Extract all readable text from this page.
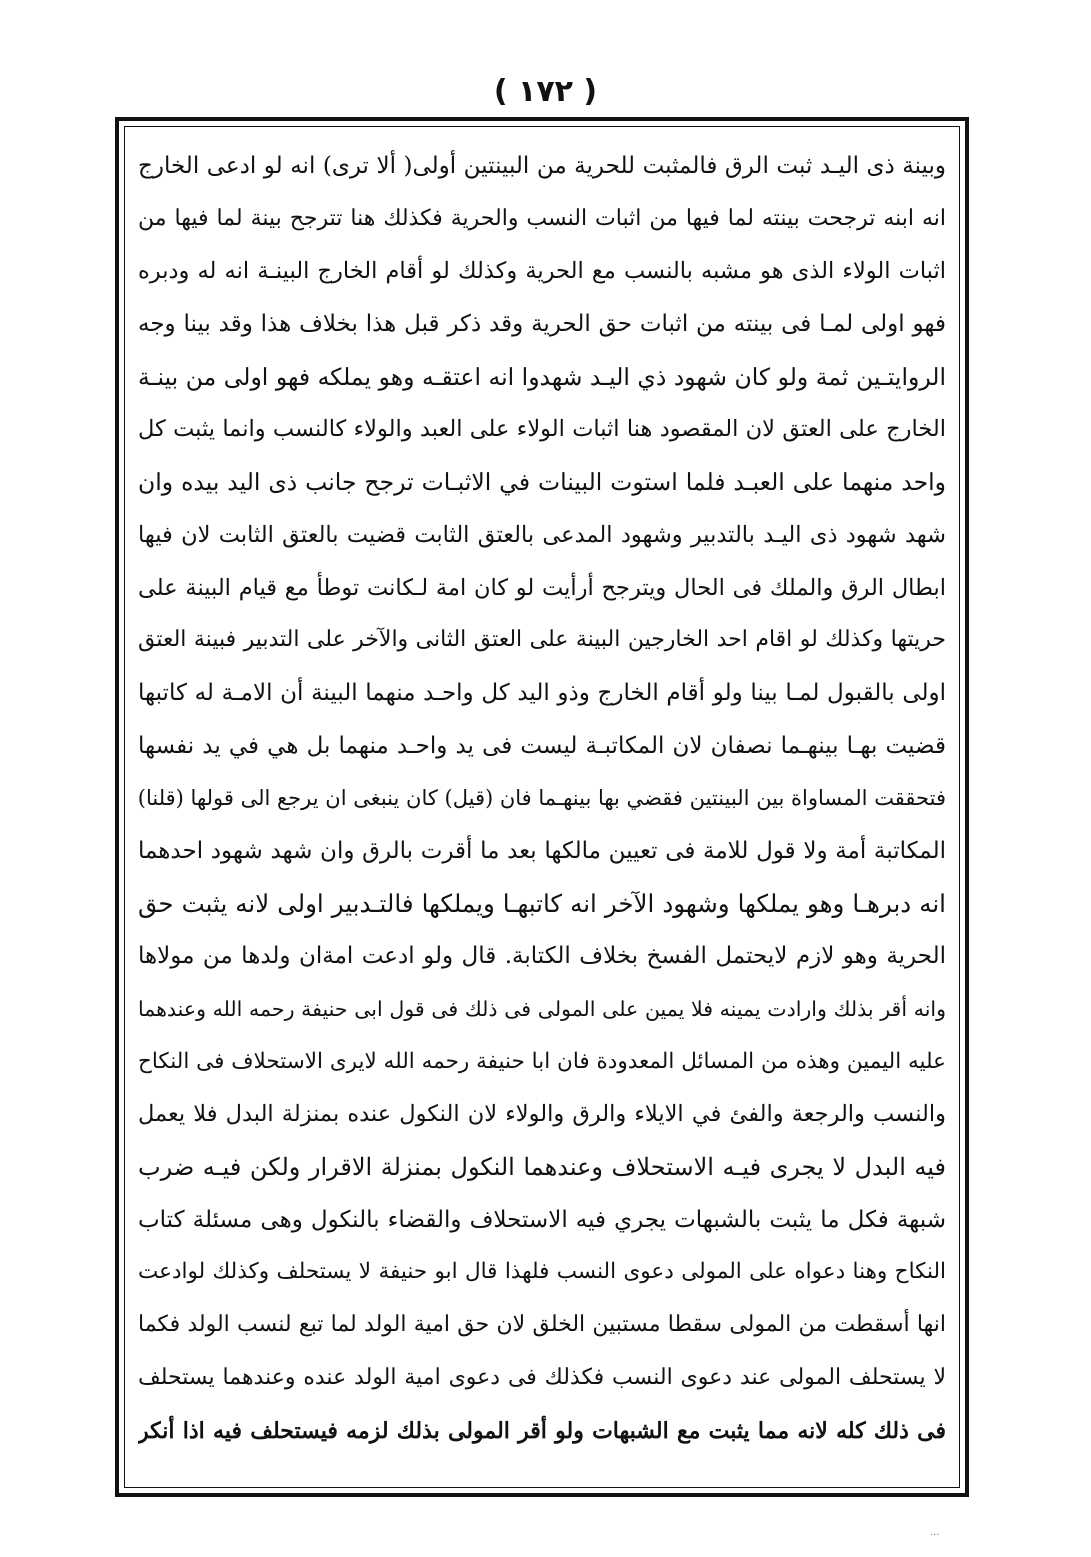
( ١٧٢ )
وبينة ذى اليـد ثبت الرق فالمثبت للحرية من البينتين أولى( ألا ترى) انه لو ادعى الخارج
انه ابنه ترجحت بينته لما فيها من اثبات النسب والحرية فكذلك هنا تترجح بينة لما فيها من
اثبات الولاء الذى هو مشبه بالنسب مع الحرية وكذلك لو أقام الخارج البينـة انه له ودبره
فهو اولى لمـا فى بينته من اثبات حق الحرية وقد ذكر قبل هذا بخلاف هذا وقد بينا وجه
الروايتـين ثمة ولو كان شهود ذي اليـد شهدوا انه اعتقـه وهو يملكه فهو اولى من بينـة
الخارج على العتق لان المقصود هنا اثبات الولاء على العبد والولاء كالنسب وانما يثبت كل
واحد منهما على العبـد فلما استوت البينات في الاثبـات ترجح جانب ذى اليد بيده وان
شهد شهود ذى اليـد بالتدبير وشهود المدعى بالعتق الثابت قضيت بالعتق الثابت لان فيها
ابطال الرق والملك فى الحال ويترجح أرأيت لو كان امة لـكانت توطأ مع قيام البينة على
حريتها وكذلك لو اقام احد الخارجين البينة على العتق الثانى والآخر على التدبير فبينة العتق
اولى بالقبول لمـا بينا ولو أقام الخارج وذو اليد كل واحـد منهما البينة أن الامـة له كاتبها
قضيت بهـا بينهـما نصفان لان المكاتبـة ليست فى يد واحـد منهما بل هي في يد نفسها
فتحققت المساواة بين البينتين فقضي بها بينهـما فان (قيل) كان ينبغى ان يرجع الى قولها (قلنا)
المكاتبة أمة ولا قول للامة فى تعيين مالكها بعد ما أقرت بالرق وان شهد شهود احدهما
انه دبرهـا وهو يملكها وشهود الآخر انه كاتبهـا ويملكها فالتـدبير اولى لانه يثبت حق
الحرية وهو لازم لايحتمل الفسخ بخلاف الكتابة. قال ولو ادعت امةان ولدها من مولاها
وانه أقر بذلك وارادت يمينه فلا يمين على المولى فى ذلك فى قول ابى حنيفة رحمه الله وعندهما
عليه اليمين وهذه من المسائل المعدودة فان ابا حنيفة رحمه الله لايرى الاستحلاف فى النكاح
والنسب والرجعة والفئ في الايلاء والرق والولاء لان النكول عنده بمنزلة البدل فلا يعمل
فيه البدل لا يجرى فيـه الاستحلاف وعندهما النكول بمنزلة الاقرار ولكن فيـه ضرب
شبهة فكل ما يثبت بالشبهات يجري فيه الاستحلاف والقضاء بالنكول وهى مسئلة كتاب
النكاح وهنا دعواه على المولى دعوى النسب فلهذا قال ابو حنيفة لا يستحلف وكذلك لوادعت
انها أسقطت من المولى سقطا مستبين الخلق لان حق امية الولد لما تبع لنسب الولد فكما
لا يستحلف المولى عند دعوى النسب فكذلك فى دعوى امية الولد عنده وعندهما يستحلف
فى ذلك كله لانه مما يثبت مع الشبهات ولو أقر المولى بذلك لزمه فيستحلف فيه اذا أنكر
...
